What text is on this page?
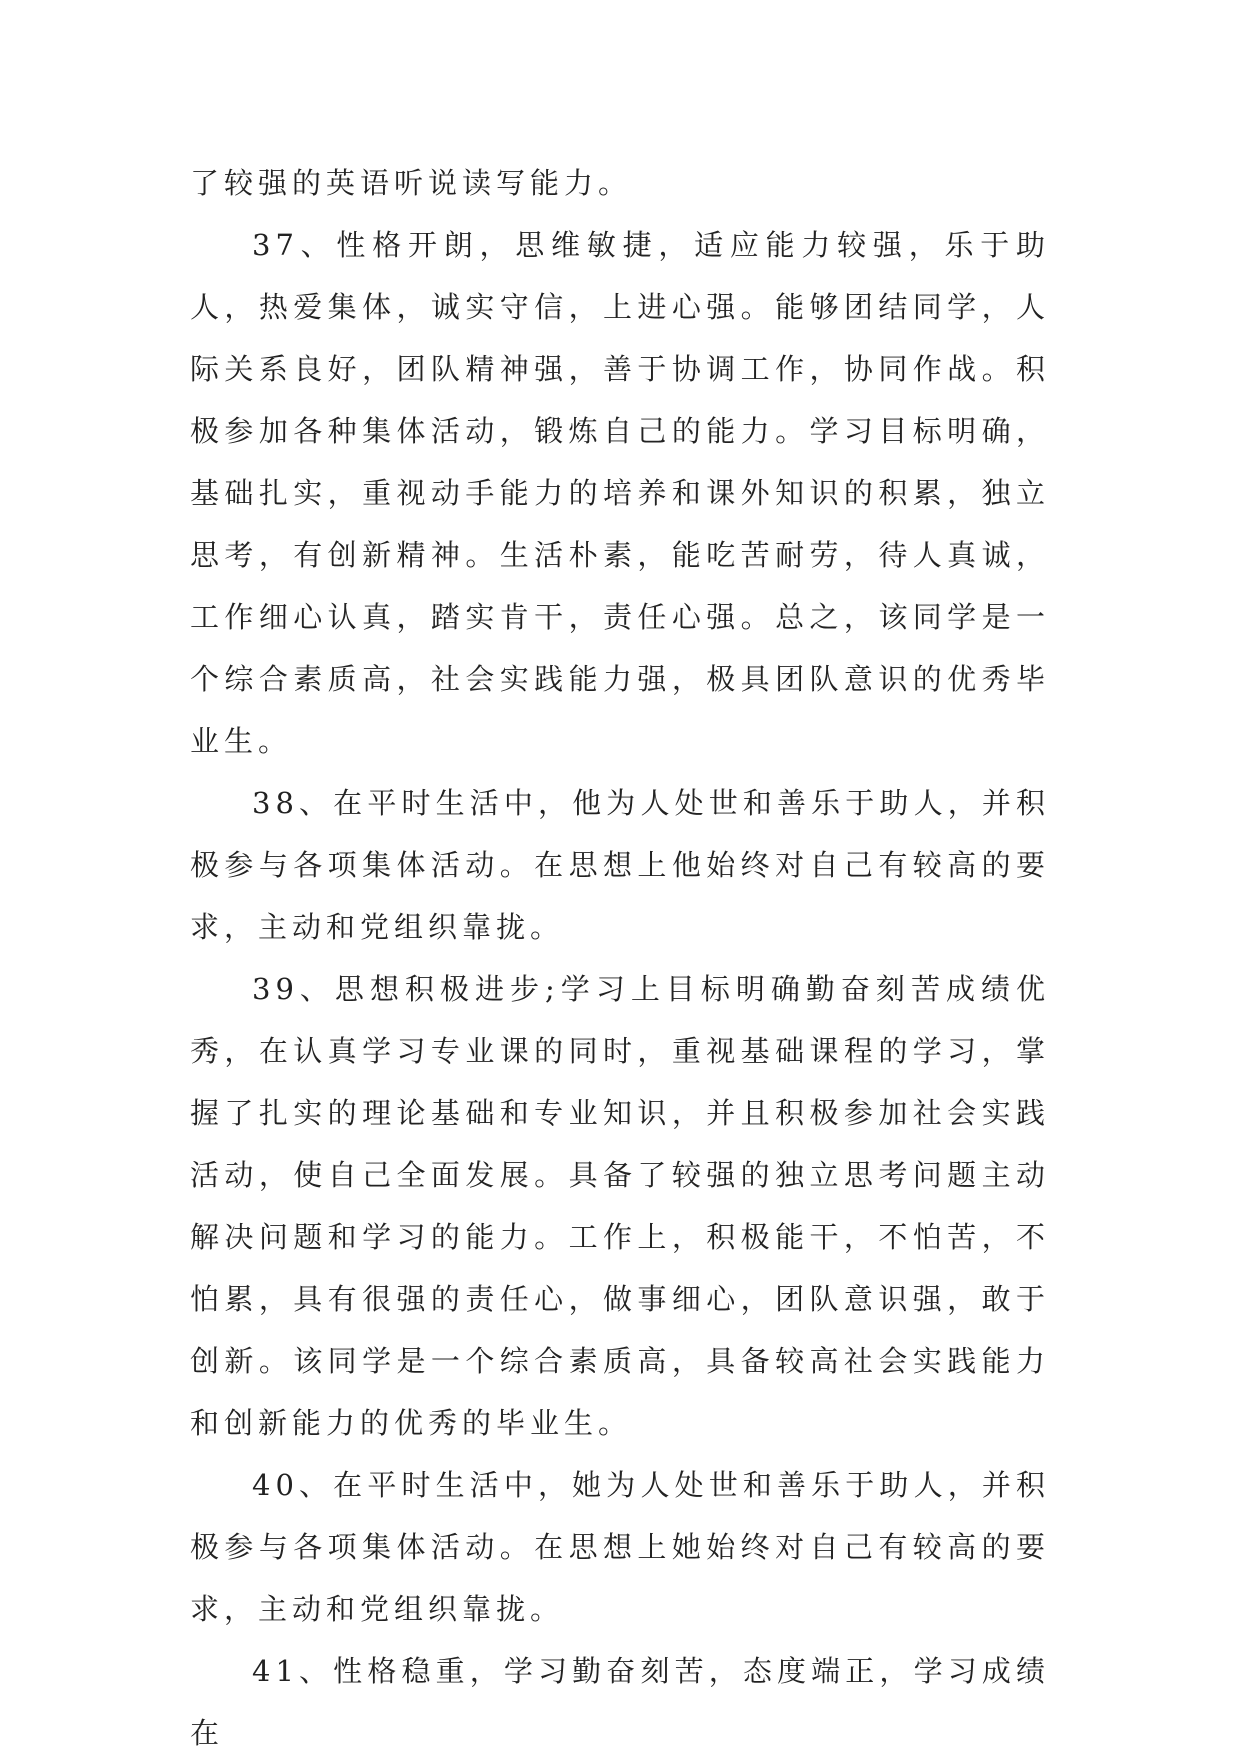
了较强的英语听说读写能力。

37、性格开朗，思维敏捷，适应能力较强，乐于助人，热爱集体，诚实守信，上进心强。能够团结同学，人际关系良好，团队精神强，善于协调工作，协同作战。积极参加各种集体活动，锻炼自己的能力。学习目标明确，基础扎实，重视动手能力的培养和课外知识的积累，独立思考，有创新精神。生活朴素，能吃苦耐劳，待人真诚，工作细心认真，踏实肯干，责任心强。总之，该同学是一个综合素质高，社会实践能力强，极具团队意识的优秀毕业生。

38、在平时生活中，他为人处世和善乐于助人，并积极参与各项集体活动。在思想上他始终对自己有较高的要求，主动和党组织靠拢。

39、思想积极进步;学习上目标明确勤奋刻苦成绩优秀，在认真学习专业课的同时，重视基础课程的学习，掌握了扎实的理论基础和专业知识，并且积极参加社会实践活动，使自己全面发展。具备了较强的独立思考问题主动解决问题和学习的能力。工作上，积极能干，不怕苦，不怕累，具有很强的责任心，做事细心，团队意识强，敢于创新。该同学是一个综合素质高，具备较高社会实践能力和创新能力的优秀的毕业生。

40、在平时生活中，她为人处世和善乐于助人，并积极参与各项集体活动。在思想上她始终对自己有较高的要求，主动和党组织靠拢。

41、性格稳重，学习勤奋刻苦，态度端正，学习成绩在
